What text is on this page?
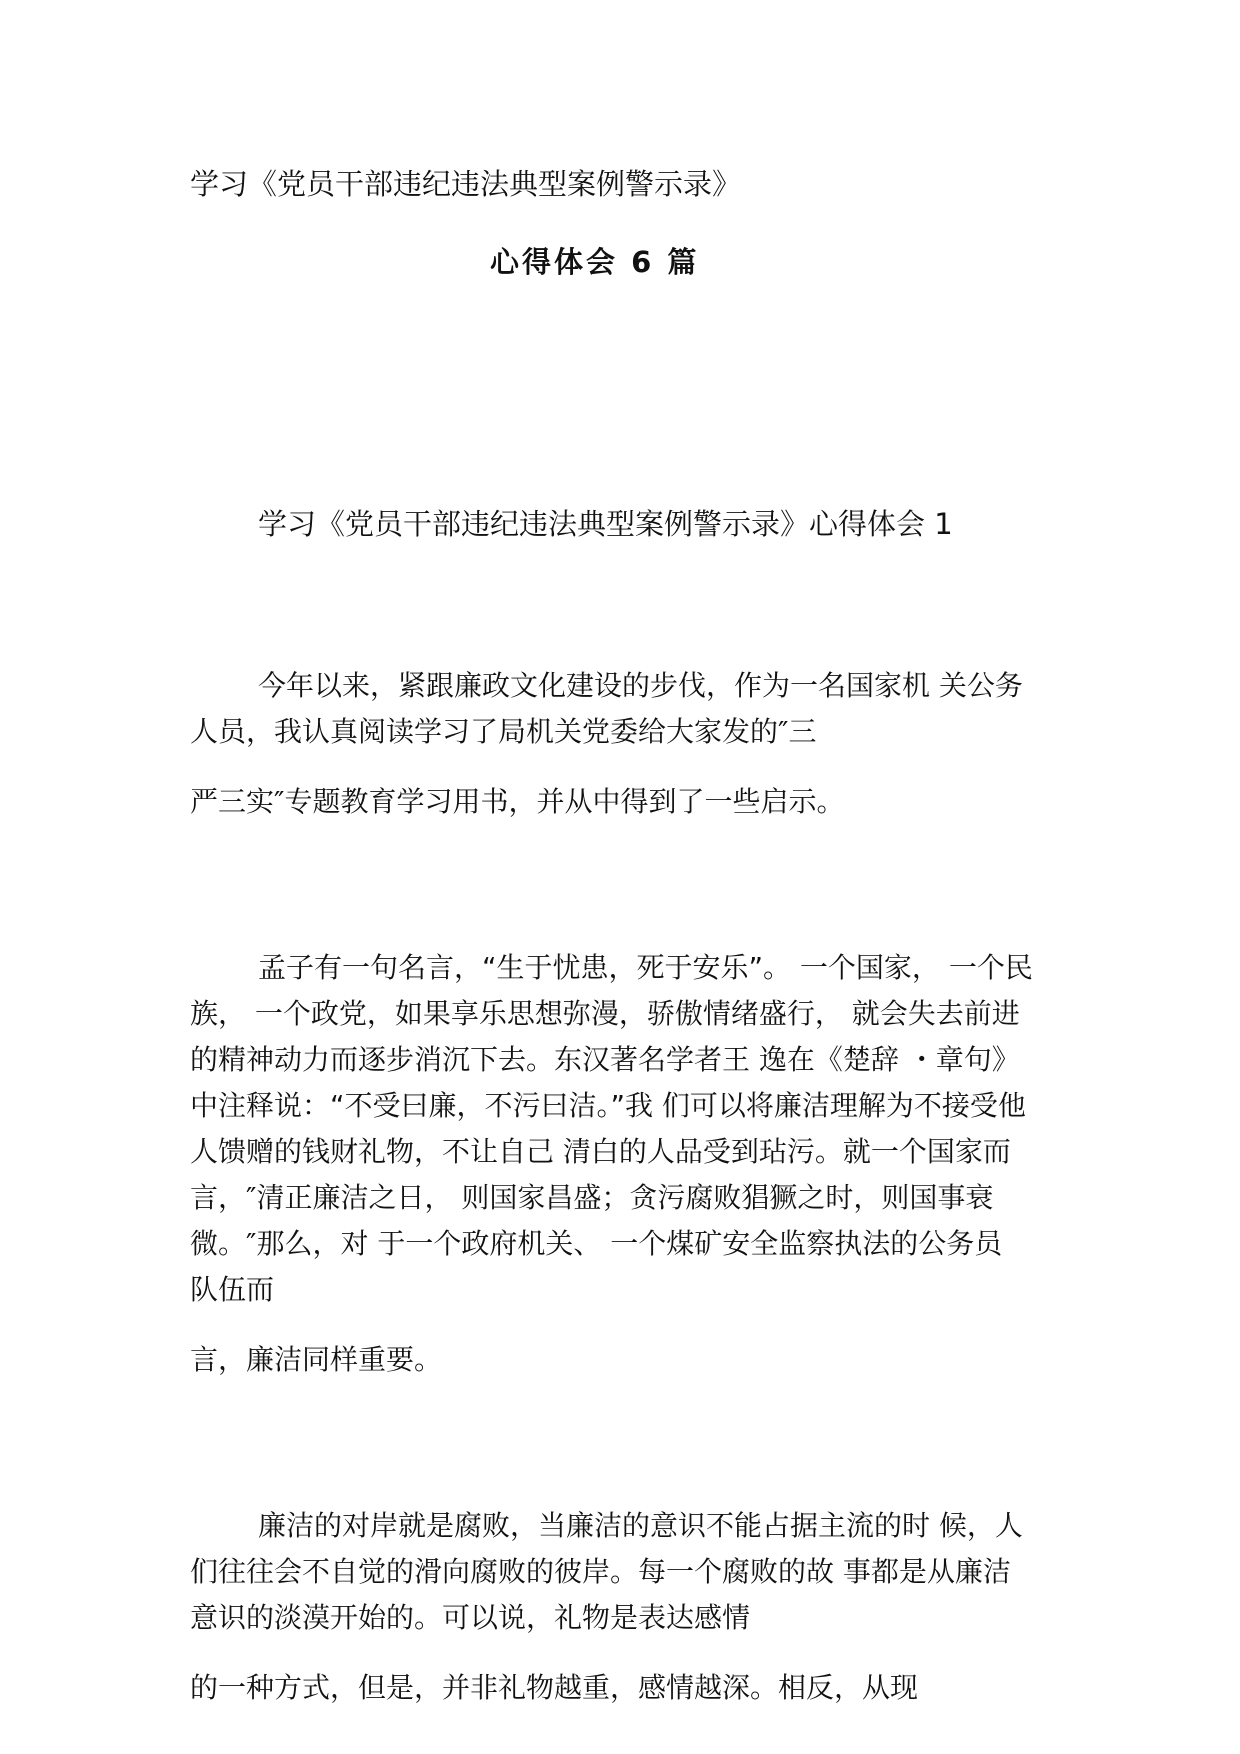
学习《党员干部违纪违法典型案例警示录》

心得体会 6 篇

学习《党员干部违纪违法典型案例警示录》心得体会 1

今年以来，紧跟廉政文化建设的步伐，作为一名国家机 关公务

人员，我认真阅读学习了局机关党委给大家发的″三

严三实″专题教育学习用书，并从中得到了一些启示。

孟子有一句名言，“生于忧患，死于安乐”。 一个国家， 一个民

族， 一个政党，如果享乐思想弥漫，骄傲情绪盛行， 就会失去前进

的精神动力而逐步消沉下去。东汉著名学者王 逸在《楚辞 ・章句》

中注释说：“不受曰廉，不污曰洁。”我 们可以将廉洁理解为不接受他

人馈赠的钱财礼物，不让自己 清白的人品受到玷污。就一个国家而

言，″清正廉洁之日， 则国家昌盛；贪污腐败猖獗之时，则国事衰

微。″那么，对 于一个政府机关、 一个煤矿安全监察执法的公务员

队伍而

言，廉洁同样重要。

廉洁的对岸就是腐败，当廉洁的意识不能占据主流的时 候，人

们往往会不自觉的滑向腐败的彼岸。每一个腐败的故 事都是从廉洁

意识的淡漠开始的。可以说，礼物是表达感情

的一种方式，但是，并非礼物越重，感情越深。相反，从现
